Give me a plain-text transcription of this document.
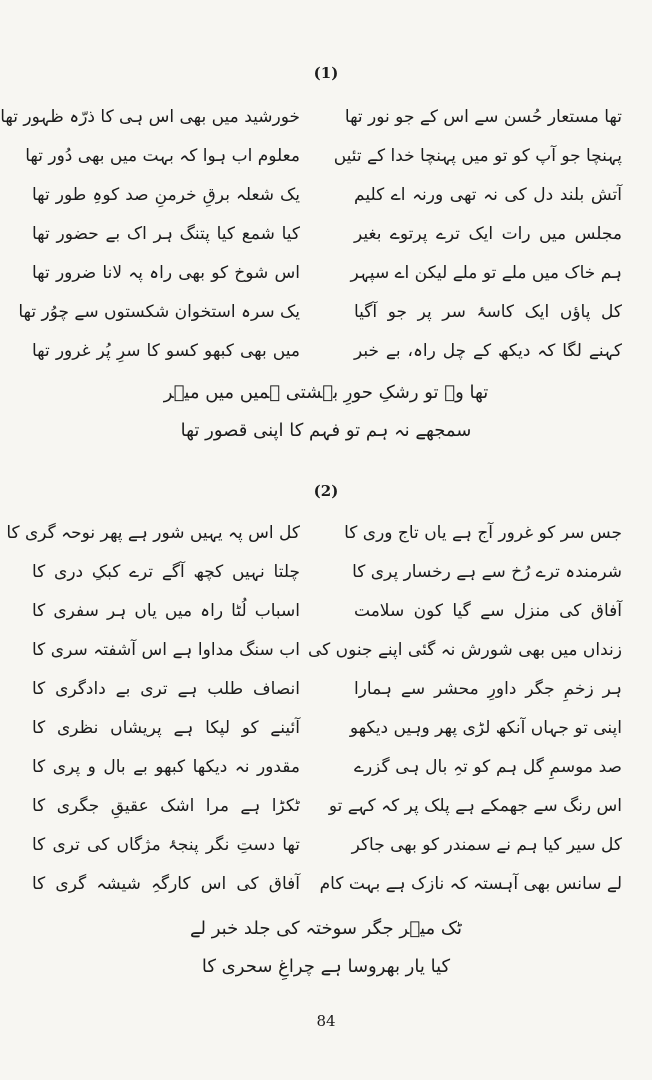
(1)
تھا مستعار حُسن سے اس کے جو نور تھا
خورشید میں بھی اس ہی کا ذرّہ ظہور تھا
پہنچا جو آپ کو تو میں پہنچا خدا کے تئیں
معلوم اب ہوا کہ بہت میں بھی دُور تھا
آتش بلند دل کی نہ تھی ورنہ اے کلیم
یک شعلہ برقِ خرمنِ صد کوہِ طور تھا
مجلس میں رات ایک ترے پرتوے بغیر
کیا شمع کیا پتنگ ہر اک بے حضور تھا
ہم خاک میں ملے تو ملے لیکن اے سپہر
اس شوخ کو بھی راہ پہ لانا ضرور تھا
کل پاؤں ایک کاسۂ سر پر جو آگیا
یک سرہ استخوان شکستوں سے چوُر تھا
کہنے لگا کہ دیکھ کے چل راہ، بے خبر
میں بھی کبھو کسو کا سرِ پُر غرور تھا
تھا وہ تو رشکِ حورِ بہشتی ہمیں میں میؔر
سمجھے نہ ہم تو فہم کا اپنی قصور تھا
(2)
جس سر کو غرور آج ہے یاں تاج وری کا
کل اس پہ یہیں شور ہے پھر نوحہ گری کا
شرمندہ ترے رُخ سے ہے رخسار پری کا
چلتا نہیں کچھ آگے ترے کبکِ دری کا
آفاق کی منزل سے گیا کون سلامت
اسباب لُٹا راہ میں یاں ہر سفری کا
زنداں میں بھی شورش نہ گئی اپنے جنوں کی
اب سنگ مداوا ہے اس آشفتہ سری کا
ہر زخمِ جگر داورِ محشر سے ہمارا
انصاف طلب ہے تری بے دادگری کا
اپنی تو جہاں آنکھ لڑی پھر وہیں دیکھو
آئینے کو لپکا ہے پریشاں نظری کا
صد موسمِ گل ہم کو تہِ بال ہی گزرے
مقدور نہ دیکھا کبھو بے بال و پری کا
اس رنگ سے جھمکے ہے پلک پر کہ کہے تو
ٹکڑا ہے مرا اشک عقیقِ جگری کا
کل سیر کیا ہم نے سمندر کو بھی جاکر
تھا دستِ نگر پنجۂ مژگاں کی تری کا
لے سانس بھی آہستہ کہ نازک ہے بہت کام
آفاق کی اس کارگہِ شیشہ گری کا
ٹک میؔر جگر سوختہ کی جلد خبر لے
کیا یار بھروسا ہے چراغِ سحری کا
84
